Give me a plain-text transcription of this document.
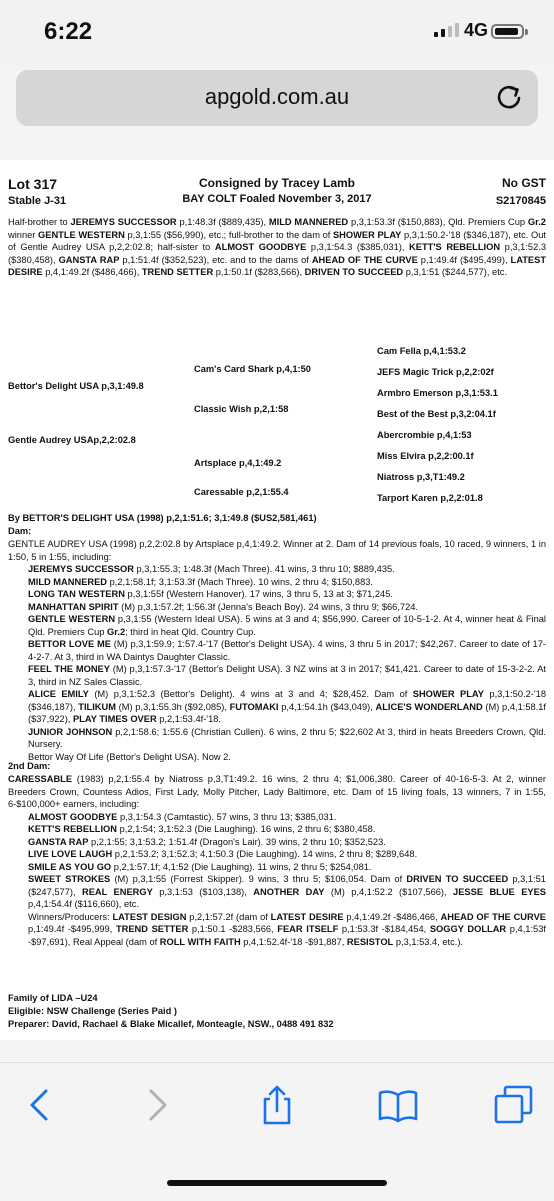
6:22	4G
apgold.com.au
Lot 317
Stable J-31
Consigned by Tracey Lamb
BAY COLT Foaled November 3, 2017
No GST
S2170845
Half-brother to JEREMYS SUCCESSOR p,1:48.3f ($889,435), MILD MANNERED p,3,1:53.3f ($150,883), Qld. Premiers Cup Gr.2 winner GENTLE WESTERN p,3,1:55 ($56,990), etc.; full-brother to the dam of SHOWER PLAY p,3,1:50.2-'18 ($346,187), etc. Out of Gentle Audrey USA p,2,2:02.8; half-sister to ALMOST GOODBYE p,3,1:54.3 ($385,031), KETT'S REBELLION p,3,1:52.3 ($380,458), GANSTA RAP p,1:51.4f ($352,523), etc. and to the dams of AHEAD OF THE CURVE p,1:49.4f ($495,499), LATEST DESIRE p,4,1:49.2f ($486,466), TREND SETTER p,1:50.1f ($283,566), DRIVEN TO SUCCEED p,3,1:51 ($244,577), etc.
Bettor's Delight USA p,3,1:49.8
Gentle Audrey USAp,2,2:02.8
Cam's Card Shark p,4,1:50
Classic Wish p,2,1:58
Artsplace p,4,1:49.2
Caressable p,2,1:55.4
Cam Fella p,4,1:53.2
JEFS Magic Trick p,2,2:02f
Armbro Emerson p,3,1:53.1
Best of the Best p,3,2:04.1f
Abercrombie p,4,1:53
Miss Elvira p,2,2:00.1f
Niatross p,3,T1:49.2
Tarport Karen p,2,2:01.8
By BETTOR'S DELIGHT USA (1998) p,2,1:51.6; 3,1:49.8 ($US2,581,461)
Dam:
GENTLE AUDREY USA (1998) p,2,2:02.8 by Artsplace p,4,1:49.2. Winner at 2. Dam of 14 previous foals, 10 raced, 9 winners, 1 in 1:50, 5 in 1:55, including:
JEREMYS SUCCESSOR p,3,1:55.3; 1:48.3f (Mach Three). 41 wins, 3 thru 10; $889,435.
MILD MANNERED p,2,1:58.1f; 3,1:53.3f (Mach Three). 10 wins, 2 thru 4; $150,883.
LONG TAN WESTERN p,3,1:55f (Western Hanover). 17 wins, 3 thru 5, 13 at 3; $71,245.
MANHATTAN SPIRIT (M) p,3,1:57.2f; 1:56.3f (Jenna's Beach Boy). 24 wins, 3 thru 9; $66,724.
GENTLE WESTERN p,3,1:55 (Western Ideal USA). 5 wins at 3 and 4; $56,990. Career of 10-5-1-2. At 4, winner heat & Final Qld. Premiers Cup Gr.2; third in heat Qld. Country Cup.
BETTOR LOVE ME (M) p,3,1:59.9; 1:57.4-'17 (Bettor's Delight USA). 4 wins, 3 thru 5 in 2017; $42,267. Career to date of 17-4-2-7. At 3, third in WA Daintys Daughter Classic.
FEEL THE MONEY (M) p,3,1:57.3-'17 (Bettor's Delight USA). 3 NZ wins at 3 in 2017; $41,421. Career to date of 15-3-2-2. At 3, third in NZ Sales Classic.
ALICE EMILY (M) p,3,1:52.3 (Bettor's Delight). 4 wins at 3 and 4; $28,452. Dam of SHOWER PLAY p,3,1:50.2-'18 ($346,187), TILIKUM (M) p,3,1:55.3h ($92,085), FUTOMAKI p,4,1:54.1h ($43,049), ALICE'S WONDERLAND (M) p,4,1:58.1f ($37,922), PLAY TIMES OVER p,2,1:53.4f-'18.
JUNIOR JOHNSON p,2,1:58.6; 1:55.6 (Christian Cullen). 6 wins, 2 thru 5; $22,602 At 3, third in heats Breeders Crown, Qld. Nursery.
Bettor Way Of Life (Bettor's Delight USA). Now 2.
2nd Dam:
CARESSABLE (1983) p,2,1:55.4 by Niatross p,3,T1:49.2. 16 wins, 2 thru 4; $1,006,380. Career of 40-16-5-3. At 2, winner Breeders Crown, Countess Adios, First Lady, Molly Pitcher, Lady Baltimore, etc. Dam of 15 living foals, 13 winners, 7 in 1:55, 6-$100,000+ earners, including:
ALMOST GOODBYE p,3,1:54.3 (Camtastic). 57 wins, 3 thru 13; $385,031.
KETT'S REBELLION p,2,1:54; 3,1:52.3 (Die Laughing). 16 wins, 2 thru 6; $380,458.
GANSTA RAP p,2,1:55; 3,1:53.2; 1:51.4f (Dragon's Lair). 39 wins, 2 thru 10; $352,523.
LIVE LOVE LAUGH p,2,1:53.2; 3,1:52.3; 4,1:50.3 (Die Laughing). 14 wins, 2 thru 8; $289,648.
SMILE AS YOU GO p,2,1:57.1f; 4,1:52 (Die Laughing). 11 wins, 2 thru 5; $254,081.
SWEET STROKES (M) p,3,1:55 (Forrest Skipper). 9 wins, 3 thru 5; $106,054. Dam of DRIVEN TO SUCCEED p,3,1:51 ($247,577), REAL ENERGY p,3,1:53 ($103,138), ANOTHER DAY (M) p,4,1:52.2 ($107,566), JESSE BLUE EYES p,4,1:54.4f ($116,660), etc.
Winners/Producers: LATEST DESIGN p,2,1:57.2f (dam of LATEST DESIRE p,4,1:49.2f -$486,466, AHEAD OF THE CURVE p,1:49.4f -$495,999, TREND SETTER p,1:50.1 -$283,566, FEAR ITSELF p,1:53.3f -$184,454, SOGGY DOLLAR p,4,1:53f -$97,691), Real Appeal (dam of ROLL WITH FAITH p,4,1:52.4f-'18 -$91,887, RESISTOL p,3,1:53.4, etc.).
Family of LIDA –U24
Eligible: NSW Challenge (Series Paid )
Preparer: David, Rachael & Blake Micallef, Monteagle, NSW., 0488 491 832
